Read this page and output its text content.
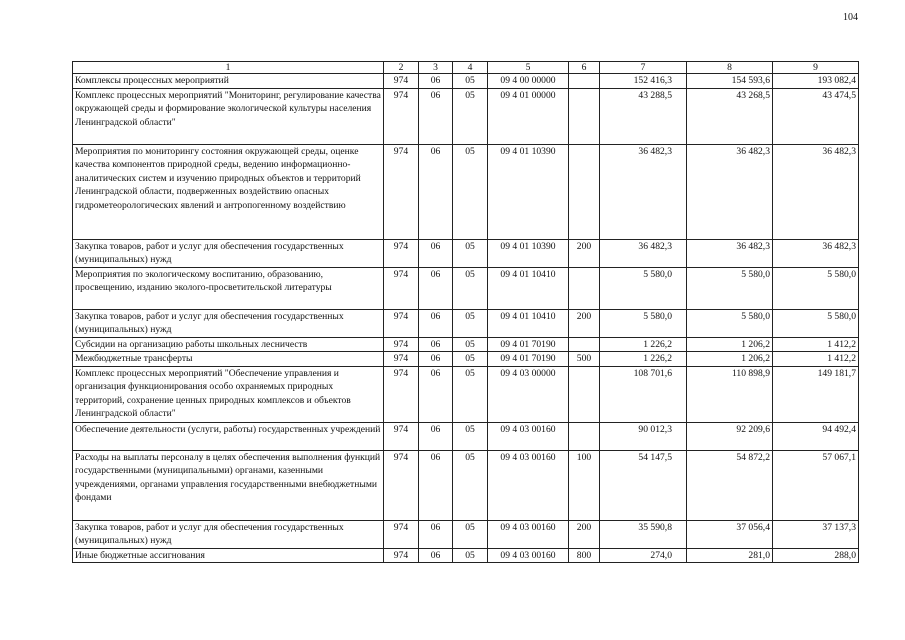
104
1	2	3	4	5	6	7	8	9
Комплексы процессных мероприятий	974	06	05	09 4 00 00000		152 416,3	154 593,6	193 082,4
Комплекс процессных мероприятий "Мониторинг, регулирование качества окружающей среды и формирование экологической культуры населения Ленинградской области"	974	06	05	09 4 01 00000		43 288,5	43 268,5	43 474,5
Мероприятия по мониторингу состояния окружающей среды, оценке качества компонентов природной среды, ведению информационно-аналитических систем и изучению природных объектов и территорий Ленинградской области, подверженных воздействию опасных гидрометеорологических явлений и антропогенному воздействию	974	06	05	09 4 01 10390		36 482,3	36 482,3	36 482,3
Закупка товаров, работ и услуг для обеспечения государственных (муниципальных) нужд	974	06	05	09 4 01 10390	200	36 482,3	36 482,3	36 482,3
Мероприятия по экологическому воспитанию, образованию, просвещению, изданию эколого-просветительской литературы	974	06	05	09 4 01 10410		5 580,0	5 580,0	5 580,0
Закупка товаров, работ и услуг для обеспечения государственных (муниципальных) нужд	974	06	05	09 4 01 10410	200	5 580,0	5 580,0	5 580,0
Субсидии на организацию работы школьных лесничеств	974	06	05	09 4 01 70190		1 226,2	1 206,2	1 412,2
Межбюджетные трансферты	974	06	05	09 4 01 70190	500	1 226,2	1 206,2	1 412,2
Комплекс процессных мероприятий "Обеспечение управления и организация функционирования особо охраняемых природных территорий, сохранение ценных природных комплексов и объектов Ленинградской области"	974	06	05	09 4 03 00000		108 701,6	110 898,9	149 181,7
Обеспечение деятельности (услуги, работы) государственных учреждений	974	06	05	09 4 03 00160		90 012,3	92 209,6	94 492,4
Расходы на выплаты персоналу в целях обеспечения выполнения функций государственными (муниципальными) органами, казенными учреждениями, органами управления государственными внебюджетными фондами	974	06	05	09 4 03 00160	100	54 147,5	54 872,2	57 067,1
Закупка товаров, работ и услуг для обеспечения государственных (муниципальных) нужд	974	06	05	09 4 03 00160	200	35 590,8	37 056,4	37 137,3
Иные бюджетные ассигнования	974	06	05	09 4 03 00160	800	274,0	281,0	288,0
